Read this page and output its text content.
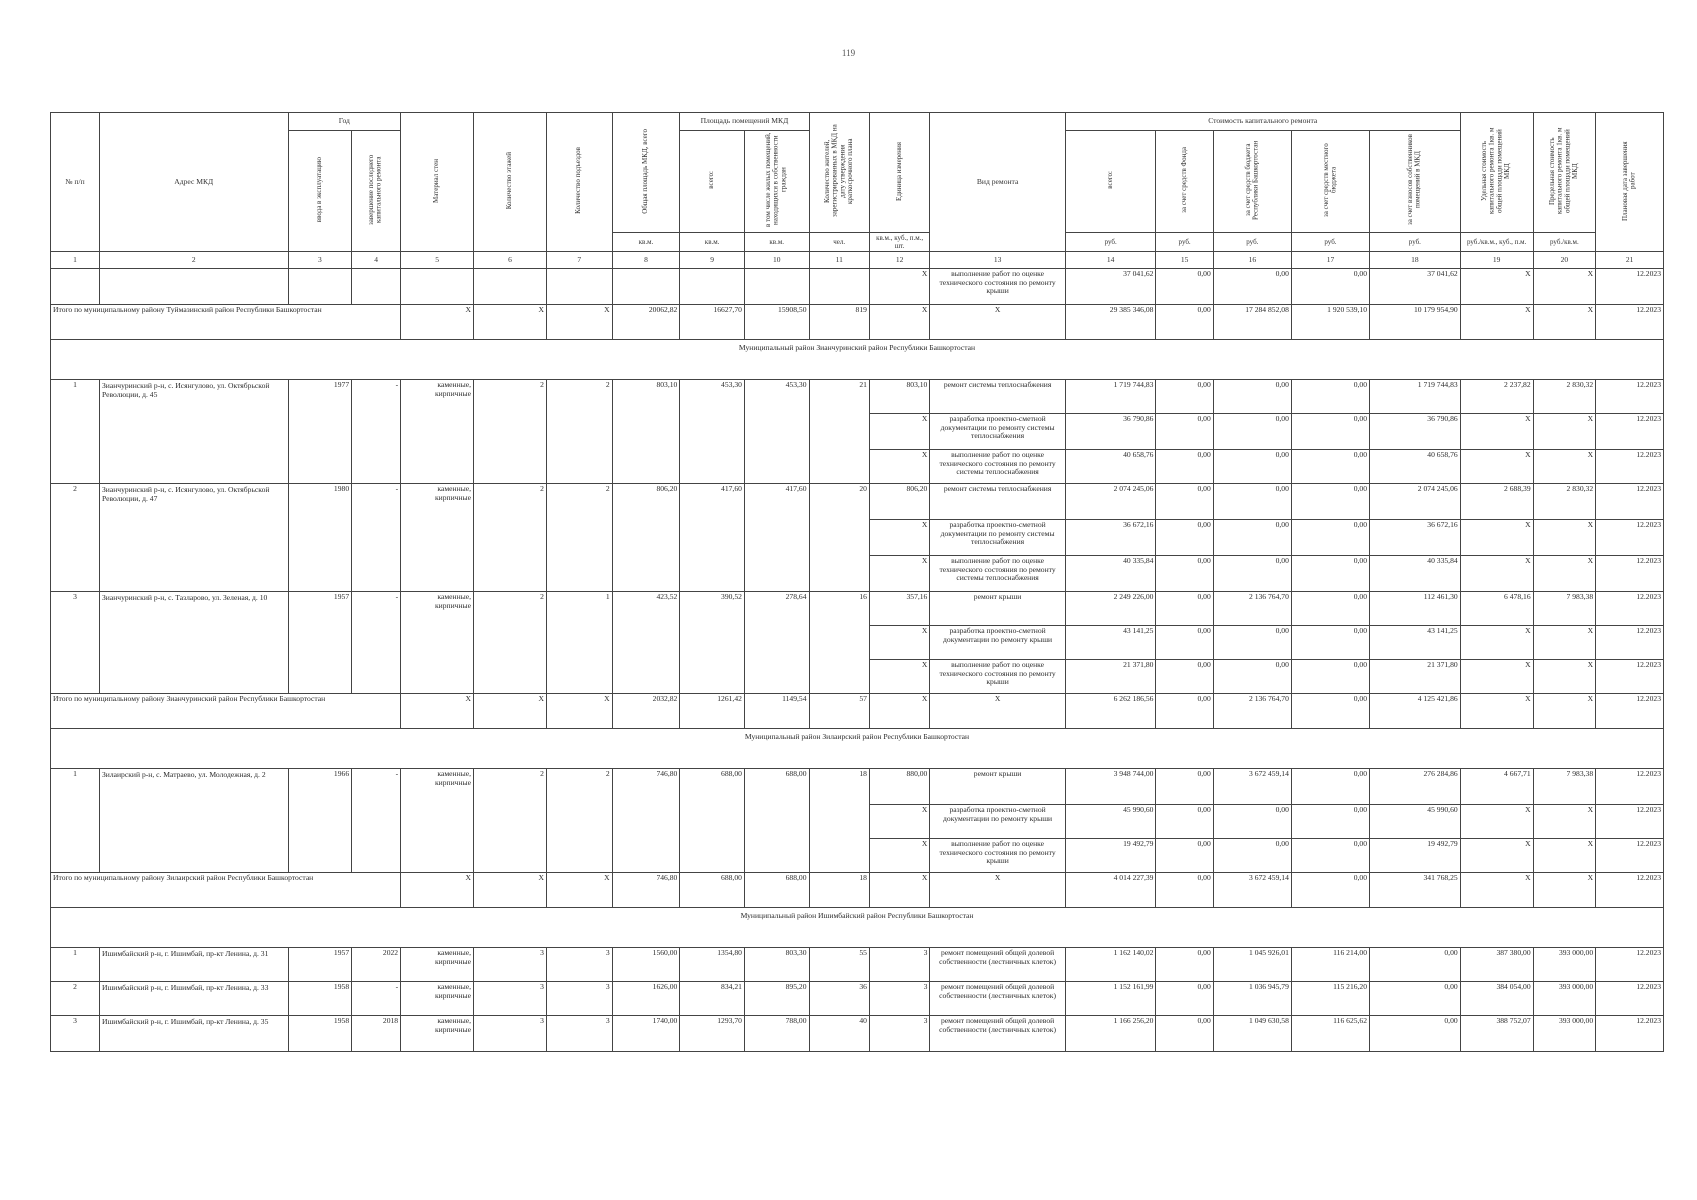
119
№ п/п	Адрес МКД	Год		Материал стен	Количество этажей	Количество подъездов	Общая площадь МКД, всего	Площадь помещений МКД		Количество жителей, зарегистрированных в МКД на дату утверждения краткосрочного плана	Единица измерения	Вид ремонта	Стоимость капитального ремонта					Удельная стоимость капитального ремонта 1кв. м общей площади помещений МКД	Предельная стоимость капитального ремонта 1кв. м общей площади помещений МКД	Плановая дата завершения работ
		ввода в эксплуатацию	завершение последнего капитального ремонта					всего:	в том числе жилых помещений, находящихся в собственности граждан				всего:	за счет средств Фонда	за счет средств бюджета Республики Башкортостан	за счет средств местного бюджета	за счет взносов собственников помещений в МКД			
							кв.м.	кв.м.	кв.м.	чел.	кв.м., куб., п.м., шт.		руб.	руб.	руб.	руб.	руб.	руб./кв.м., куб., п.м.	руб./кв.м.	
1	2	3	4	5	6	7	8	9	10	11	12	13	14	15	16	17	18	19	20	21
											X	выполнение работ по оценке технического состояния по ремонту крыши	37 041,62	0,00	0,00	0,00	37 041,62	X	X	12.2023
Итого по муниципальному району Туймазинский район Республики Башкортостан				X	X	X	20062,82	16627,70	15908,50	819	X	X	29 385 346,08	0,00	17 284 852,08	1 920 539,10	10 179 954,90	X	X	12.2023
Муниципальный район Зианчуринский район Республики Башкортостан																				
1	Зианчуринский р-н, с. Исянгулово, ул. Октябрьской Революции, д. 45	1977	-	каменные, кирпичные	2	2	803,10	453,30	453,30	21	803,10	ремонт системы теплоснабжения	1 719 744,83	0,00	0,00	0,00	1 719 744,83	2 237,82	2 830,32	12.2023
											X	разработка проектно-сметной документации по ремонту системы теплоснабжения	36 790,86	0,00	0,00	0,00	36 790,86	X	X	12.2023
											X	выполнение работ по оценке технического состояния по ремонту системы теплоснабжения	40 658,76	0,00	0,00	0,00	40 658,76	X	X	12.2023
2	Зианчуринский р-н, с. Исянгулово, ул. Октябрьской Революции, д. 47	1980	-	каменные, кирпичные	2	2	806,20	417,60	417,60	20	806,20	ремонт системы теплоснабжения	2 074 245,06	0,00	0,00	0,00	2 074 245,06	2 688,39	2 830,32	12.2023
											X	разработка проектно-сметной документации по ремонту системы теплоснабжения	36 672,16	0,00	0,00	0,00	36 672,16	X	X	12.2023
											X	выполнение работ по оценке технического состояния по ремонту системы теплоснабжения	40 335,84	0,00	0,00	0,00	40 335,84	X	X	12.2023
3	Зианчуринский р-н, с. Тазларово, ул. Зеленая, д. 10	1957	-	каменные, кирпичные	2	1	423,52	390,52	278,64	16	357,16	ремонт крыши	2 249 226,00	0,00	2 136 764,70	0,00	112 461,30	6 478,16	7 983,38	12.2023
											X	разработка проектно-сметной документации по ремонту крыши	43 141,25	0,00	0,00	0,00	43 141,25	X	X	12.2023
											X	выполнение работ по оценке технического состояния по ремонту крыши	21 371,80	0,00	0,00	0,00	21 371,80	X	X	12.2023
Итого по муниципальному району Зианчуринский район Республики Башкортостан				X	X	X	2032,82	1261,42	1149,54	57	X	X	6 262 186,56	0,00	2 136 764,70	0,00	4 125 421,86	X	X	12.2023
Муниципальный район Зилаирский район Республики Башкортостан																				
1	Зилаирский р-н, с. Матраево, ул. Молодежная, д. 2	1966	-	каменные, кирпичные	2	2	746,80	688,00	688,00	18	880,00	ремонт крыши	3 948 744,00	0,00	3 672 459,14	0,00	276 284,86	4 667,71	7 983,38	12.2023
											X	разработка проектно-сметной документации по ремонту крыши	45 990,60	0,00	0,00	0,00	45 990,60	X	X	12.2023
											X	выполнение работ по оценке технического состояния по ремонту крыши	19 492,79	0,00	0,00	0,00	19 492,79	X	X	12.2023
Итого по муниципальному району Зилаирский район Республики Башкортостан				X	X	X	746,80	688,00	688,00	18	X	X	4 014 227,39	0,00	3 672 459,14	0,00	341 768,25	X	X	12.2023
Муниципальный район Ишимбайский район Республики Башкортостан																				
1	Ишимбайский р-н, г. Ишимбай, пр-кт Ленина, д. 31	1957	2022	каменные, кирпичные	3	3	1560,00	1354,80	803,30	55	3	ремонт помещений общей долевой собственности (лестничных клеток)	1 162 140,02	0,00	1 045 926,01	116 214,00	0,00	387 380,00	393 000,00	12.2023
2	Ишимбайский р-н, г. Ишимбай, пр-кт Ленина, д. 33	1958	-	каменные, кирпичные	3	3	1626,00	834,21	895,20	36	3	ремонт помещений общей долевой собственности (лестничных клеток)	1 152 161,99	0,00	1 036 945,79	115 216,20	0,00	384 054,00	393 000,00	12.2023
3	Ишимбайский р-н, г. Ишимбай, пр-кт Ленина, д. 35	1958	2018	каменные, кирпичные	3	3	1740,00	1293,70	788,00	40	3	ремонт помещений общей долевой собственности (лестничных клеток)	1 166 256,20	0,00	1 049 630,58	116 625,62	0,00	388 752,07	393 000,00	12.2023
